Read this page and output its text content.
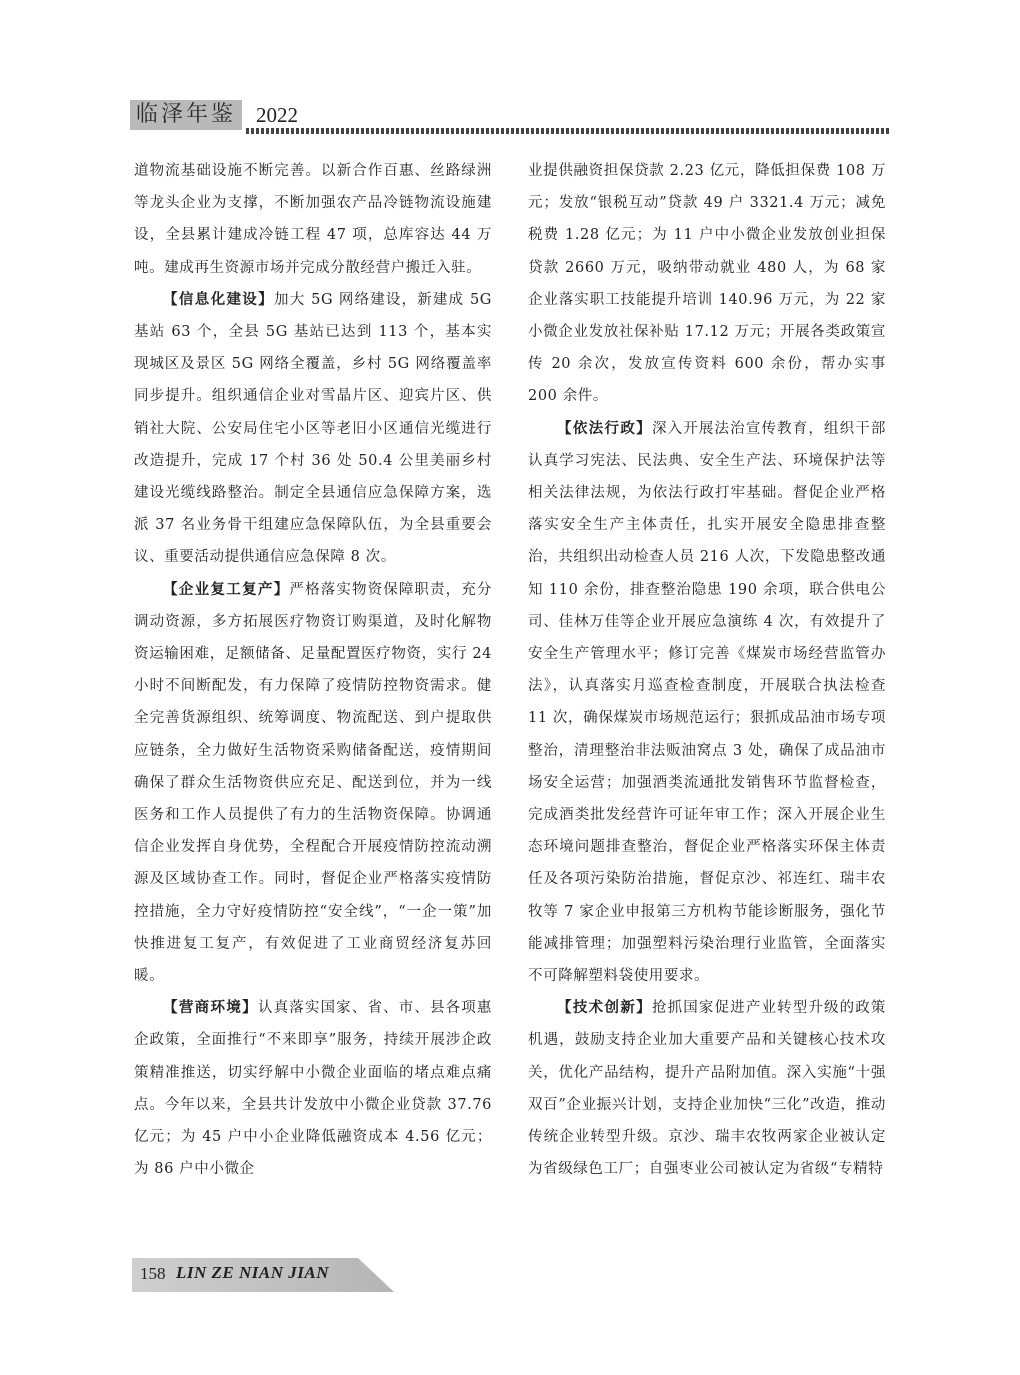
临泽年鉴 2022

道物流基础设施不断完善。以新合作百惠、丝路绿洲等龙头企业为支撑，不断加强农产品冷链物流设施建设，全县累计建成冷链工程 47 项，总库容达 44 万吨。建成再生资源市场并完成分散经营户搬迁入驻。

【信息化建设】加大 5G 网络建设，新建成 5G 基站 63 个，全县 5G 基站已达到 113 个，基本实现城区及景区 5G 网络全覆盖，乡村 5G 网络覆盖率同步提升。组织通信企业对雪晶片区、迎宾片区、供销社大院、公安局住宅小区等老旧小区通信光缆进行改造提升，完成 17 个村 36 处 50.4 公里美丽乡村建设光缆线路整治。制定全县通信应急保障方案，选派 37 名业务骨干组建应急保障队伍，为全县重要会议、重要活动提供通信应急保障 8 次。

【企业复工复产】严格落实物资保障职责，充分调动资源，多方拓展医疗物资订购渠道，及时化解物资运输困难，足额储备、足量配置医疗物资，实行 24 小时不间断配发，有力保障了疫情防控物资需求。健全完善货源组织、统筹调度、物流配送、到户提取供应链条，全力做好生活物资采购储备配送，疫情期间确保了群众生活物资供应充足、配送到位，并为一线医务和工作人员提供了有力的生活物资保障。协调通信企业发挥自身优势，全程配合开展疫情防控流动溯源及区域协查工作。同时，督促企业严格落实疫情防控措施，全力守好疫情防控“安全线”，“一企一策”加快推进复工复产，有效促进了工业商贸经济复苏回暖。

【营商环境】认真落实国家、省、市、县各项惠企政策，全面推行“不来即享”服务，持续开展涉企政策精准推送，切实纾解中小微企业面临的堵点难点痛点。今年以来，全县共计发放中小微企业贷款 37.76 亿元；为 45 户中小企业降低融资成本 4.56 亿元；为 86 户中小微企

业提供融资担保贷款 2.23 亿元，降低担保费 108 万元；发放“银税互动”贷款 49 户 3321.4 万元；减免税费 1.28 亿元；为 11 户中小微企业发放创业担保贷款 2660 万元，吸纳带动就业 480 人，为 68 家企业落实职工技能提升培训 140.96 万元，为 22 家小微企业发放社保补贴 17.12 万元；开展各类政策宣传 20 余次，发放宣传资料 600 余份，帮办实事 200 余件。

【依法行政】深入开展法治宣传教育，组织干部认真学习宪法、民法典、安全生产法、环境保护法等相关法律法规，为依法行政打牢基础。督促企业严格落实安全生产主体责任，扎实开展安全隐患排查整治，共组织出动检查人员 216 人次，下发隐患整改通知 110 余份，排查整治隐患 190 余项，联合供电公司、佳林万佳等企业开展应急演练 4 次，有效提升了安全生产管理水平；修订完善《煤炭市场经营监管办法》，认真落实月巡查检查制度，开展联合执法检查 11 次，确保煤炭市场规范运行；狠抓成品油市场专项整治，清理整治非法贩油窝点 3 处，确保了成品油市场安全运营；加强酒类流通批发销售环节监督检查，完成酒类批发经营许可证年审工作；深入开展企业生态环境问题排查整治，督促企业严格落实环保主体责任及各项污染防治措施，督促京沙、祁连红、瑞丰农牧等 7 家企业申报第三方机构节能诊断服务，强化节能减排管理；加强塑料污染治理行业监管，全面落实不可降解塑料袋使用要求。

【技术创新】抢抓国家促进产业转型升级的政策机遇，鼓励支持企业加大重要产品和关键核心技术攻关，优化产品结构，提升产品附加值。深入实施“十强双百”企业振兴计划，支持企业加快“三化”改造，推动传统企业转型升级。京沙、瑞丰农牧两家企业被认定为省级绿色工厂；自强枣业公司被认定为省级“专精特

158 LIN ZE NIAN JIAN
